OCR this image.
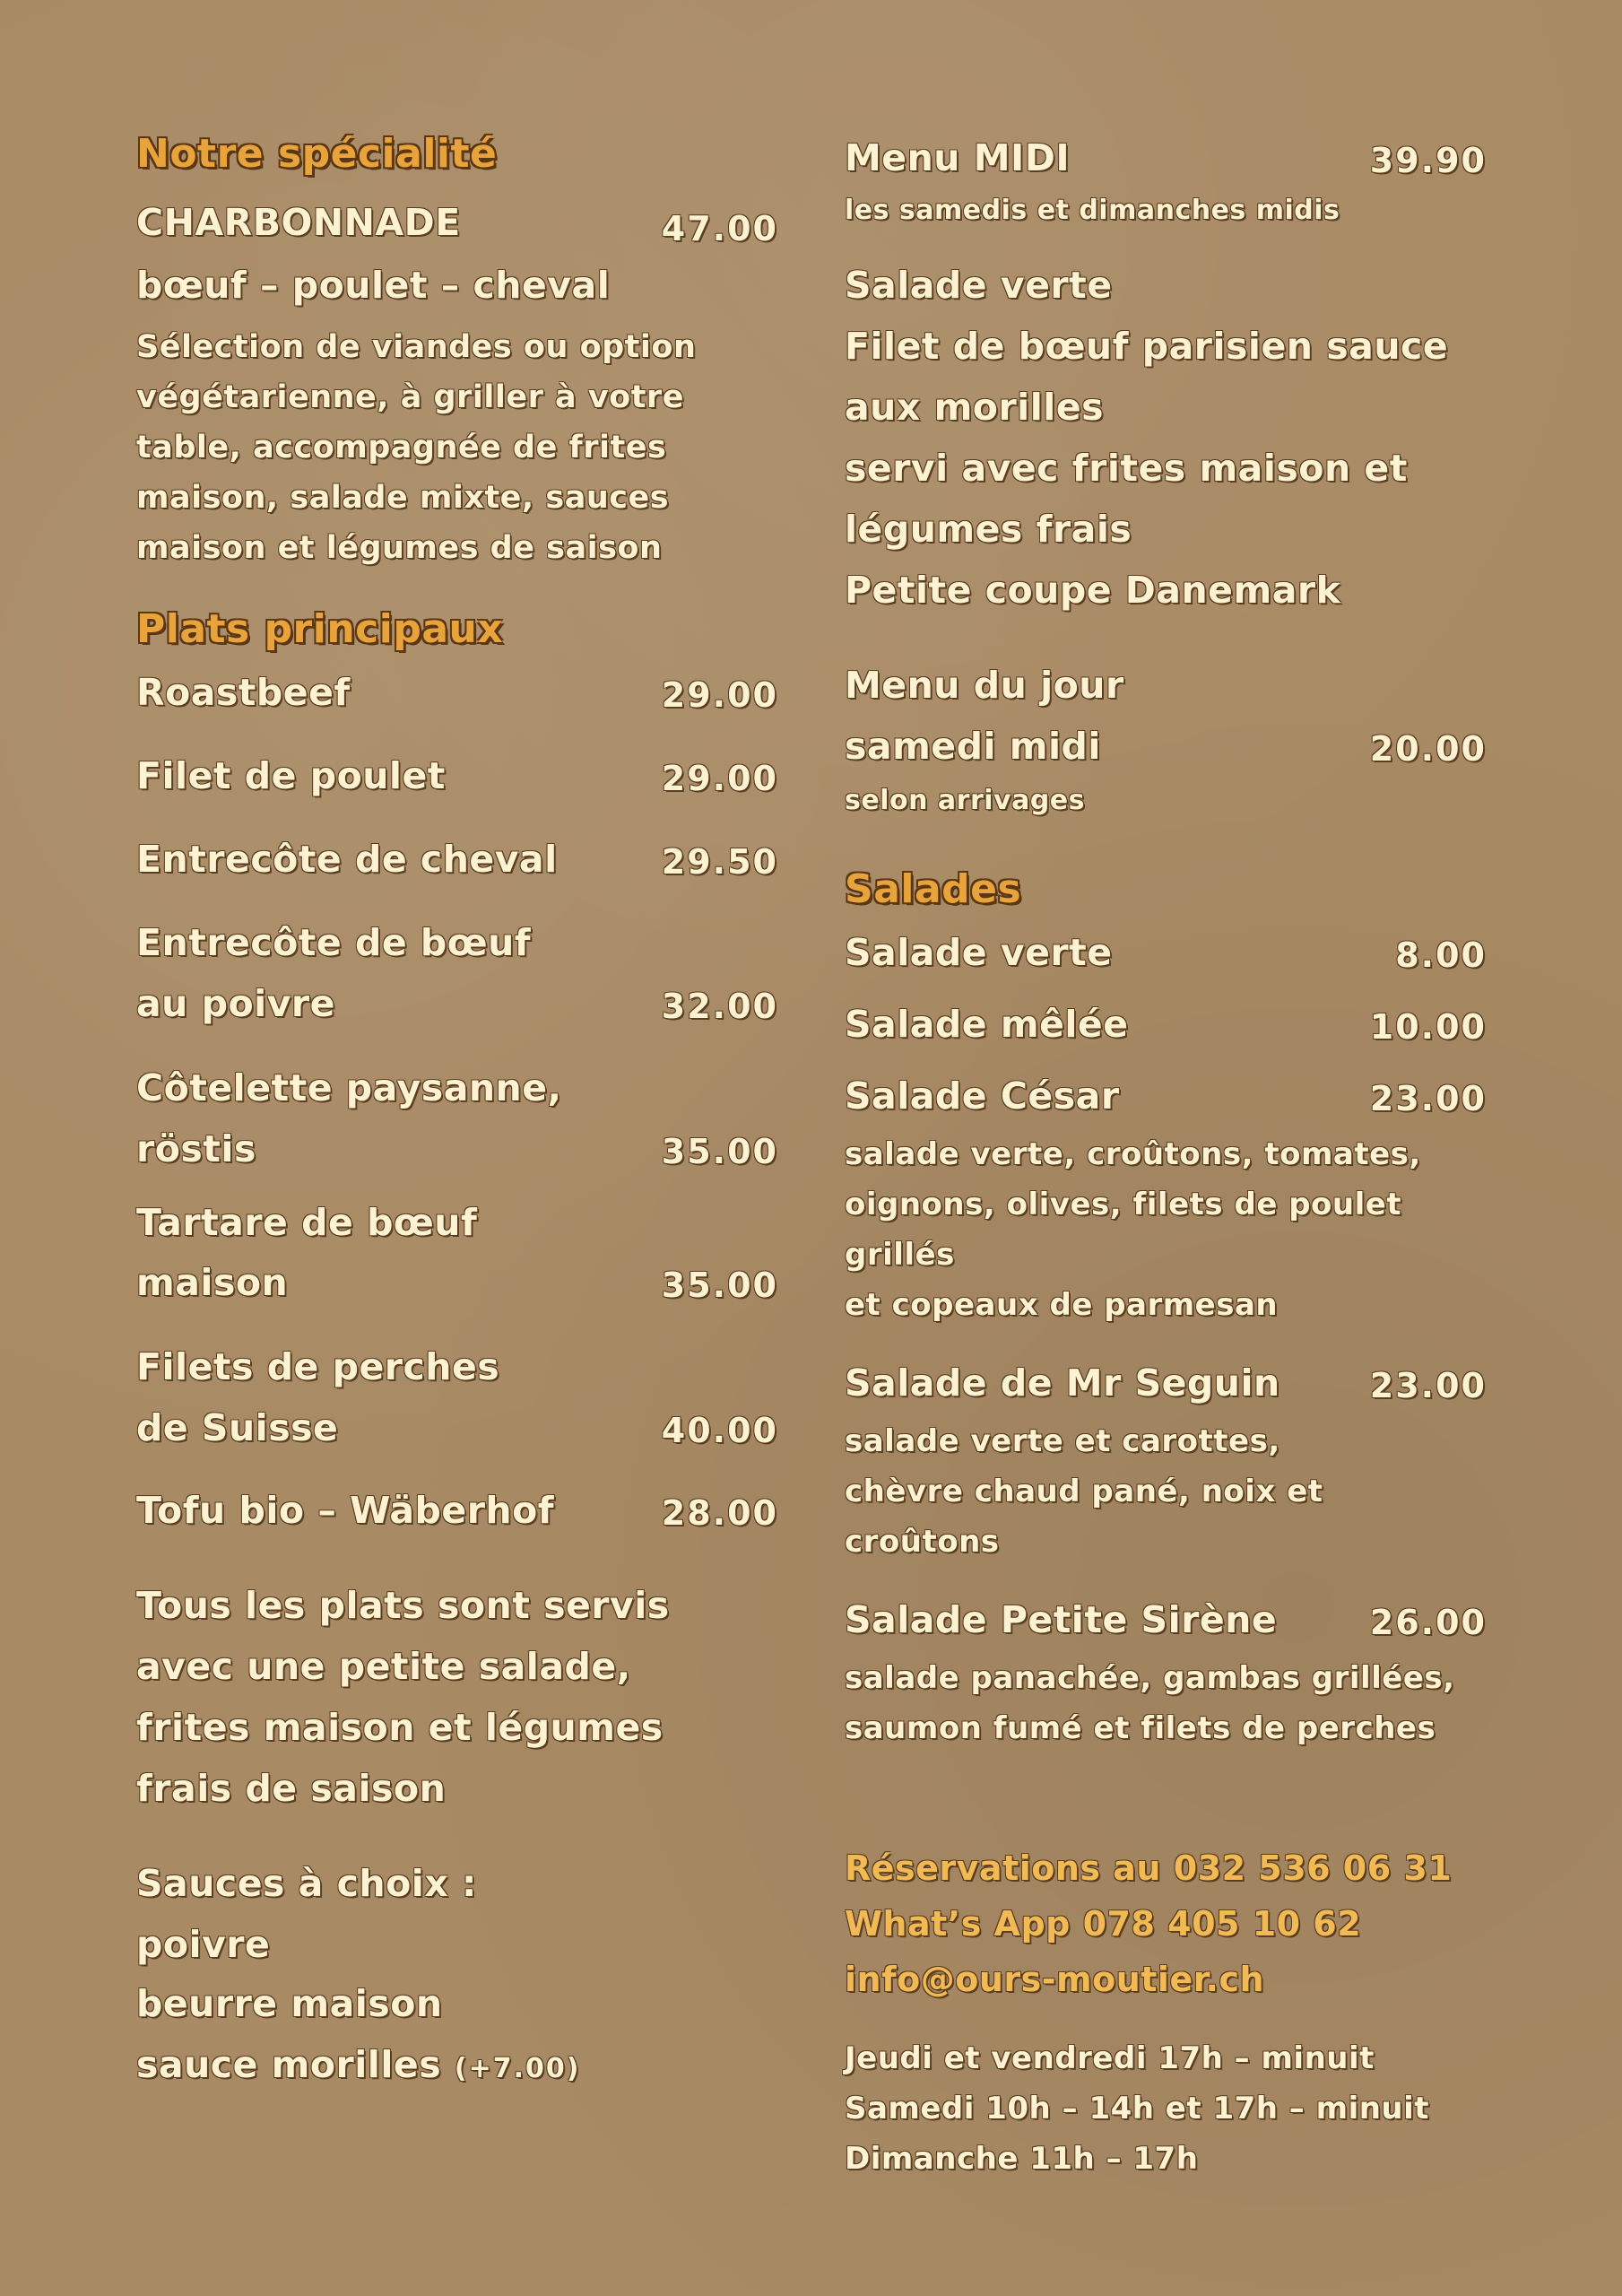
Notre spécialité
CHARBONNADE	47.00
bœuf – poulet – cheval
Sélection de viandes ou option
végétarienne, à griller à votre
table, accompagnée de frites
maison, salade mixte, sauces
maison et légumes de saison
Plats principaux
Roastbeef	29.00
Filet de poulet	29.00
Entrecôte de cheval	29.50
Entrecôte de bœuf
au poivre	32.00
Côtelette paysanne,
röstis	35.00
Tartare de bœuf
maison	35.00
Filets de perches
de Suisse	40.00
Tofu bio – Wäberhof	28.00
Tous les plats sont servis
avec une petite salade,
frites maison et légumes
frais de saison
Sauces à choix :
poivre
beurre maison
sauce morilles (+7.00)
Menu MIDI	39.90
les samedis et dimanches midis
Salade verte
Filet de bœuf parisien sauce
aux morilles
servi avec frites maison et
légumes frais
Petite coupe Danemark
Menu du jour
samedi midi	20.00
selon arrivages
Salades
Salade verte	8.00
Salade mêlée	10.00
Salade César	23.00
salade verte, croûtons, tomates,
oignons, olives, filets de poulet
grillés
et copeaux de parmesan
Salade de Mr Seguin	23.00
salade verte et carottes,
chèvre chaud pané, noix et
croûtons
Salade Petite Sirène	26.00
salade panachée, gambas grillées,
saumon fumé et filets de perches
Réservations au 032 536 06 31
What’s App 078 405 10 62
info@ours-moutier.ch
Jeudi et vendredi 17h – minuit
Samedi 10h – 14h et 17h – minuit
Dimanche 11h – 17h
